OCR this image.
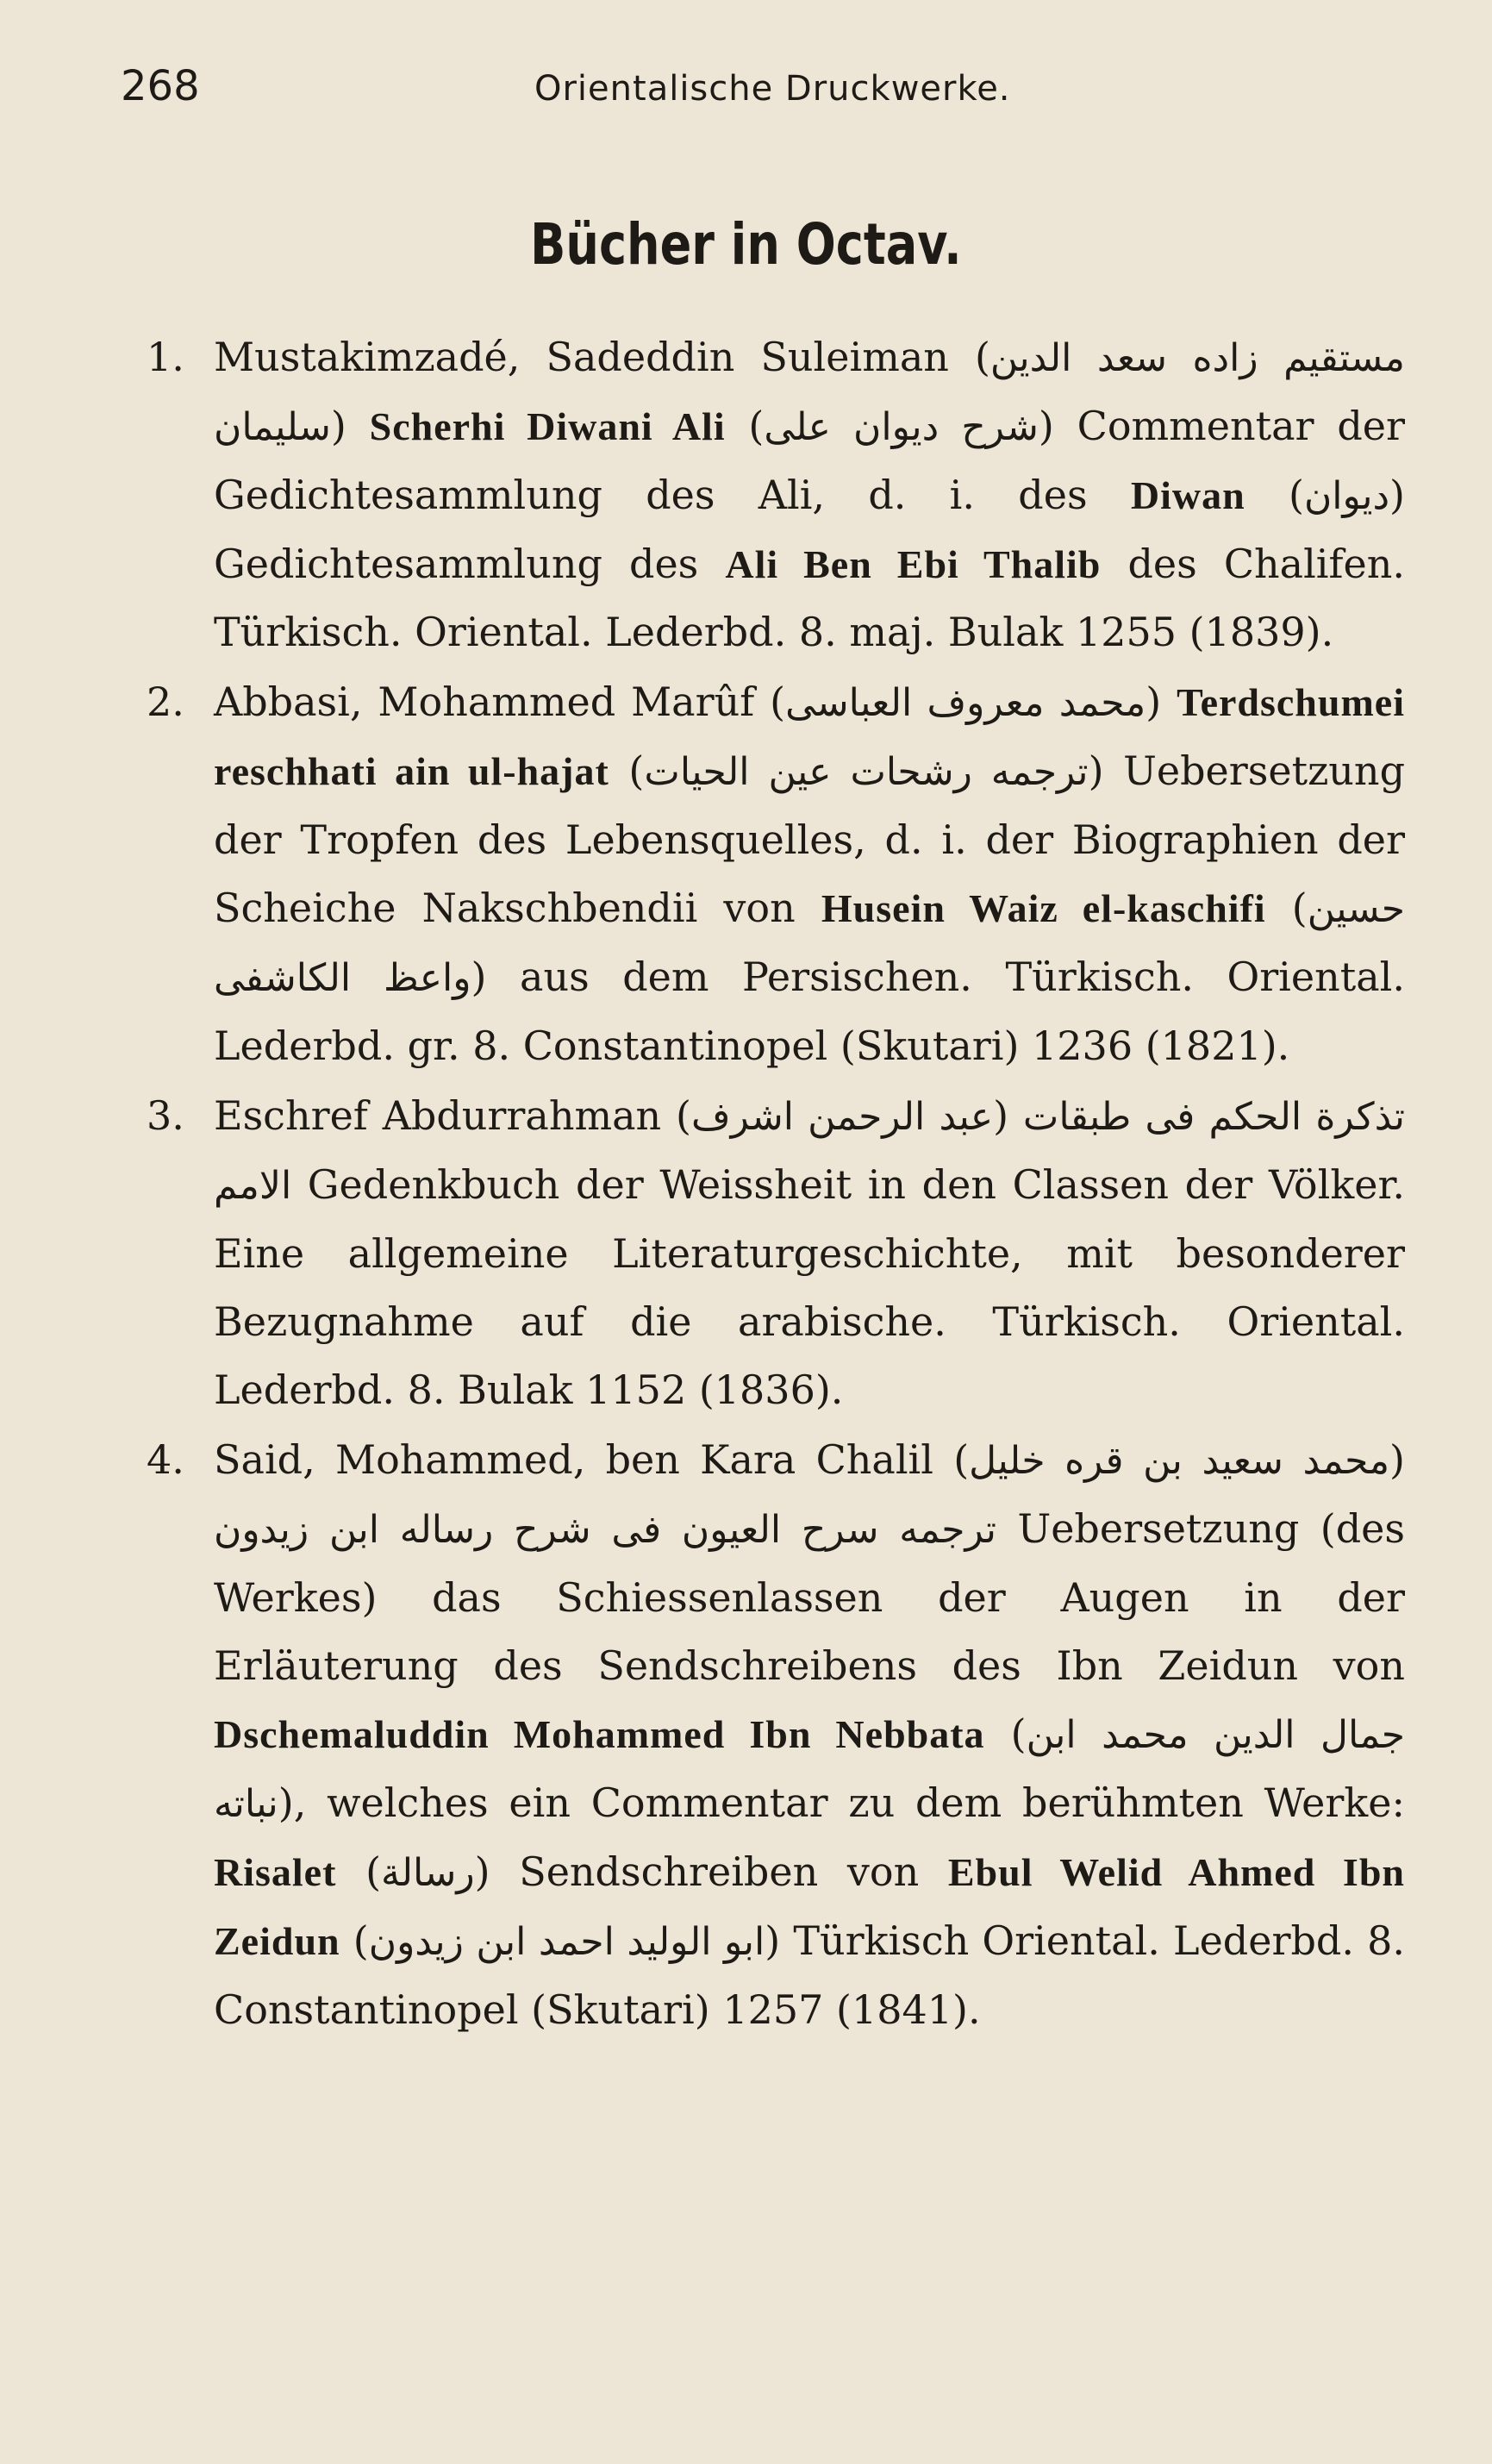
268	Orientalische Druckwerke.
Bücher in Octav.
1. Mustakimzadé, Sadeddin Suleiman (مستقيم زاده سعد الدين سليمان) Scherhi Diwani Ali (شرح ديوان على) Commentar der Gedichtesammlung des Ali, d. i. des Diwan (ديوان) Gedichtesammlung des Ali Ben Ebi Thalib des Chalifen. Türkisch. Oriental. Lederbd. 8. maj. Bulak 1255 (1839).
2. Abbasi, Mohammed Marûf (محمد معروف العباسى) Terdschumei reschhati ain ul-hajat (ترجمه رشحات عين الحيات) Uebersetzung der Tropfen des Lebensquelles, d. i. der Biographien der Scheiche Nakschbendii von Husein Waiz el-kaschifi (حسين واعظ الكاشفى) aus dem Persischen. Türkisch. Oriental. Lederbd. gr. 8. Constantinopel (Skutari) 1236 (1821).
3. Eschref Abdurrahman (عبد الرحمن اشرف) تذكرة الحكم فى طبقات الامم Gedenkbuch der Weissheit in den Classen der Völker. Eine allgemeine Literaturgeschichte, mit besonderer Bezugnahme auf die arabische. Türkisch. Oriental. Lederbd. 8. Bulak 1152 (1836).
4. Said, Mohammed, ben Kara Chalil (محمد سعيد بن قره خليل) ترجمه سرح العيون فى شرح رساله ابن زيدون Uebersetzung (des Werkes) das Schiessenlassen der Augen in der Erläuterung des Sendschreibens des Ibn Zeidun von Dschemaluddin Mohammed Ibn Nebbata (جمال الدين محمد ابن نباته), welches ein Commentar zu dem berühmten Werke: Risalet (رسالة) Sendschreiben von Ebul Welid Ahmed Ibn Zeidun (ابو الوليد احمد ابن زيدون) Türkisch Oriental. Lederbd. 8. Constantinopel (Skutari) 1257 (1841).
